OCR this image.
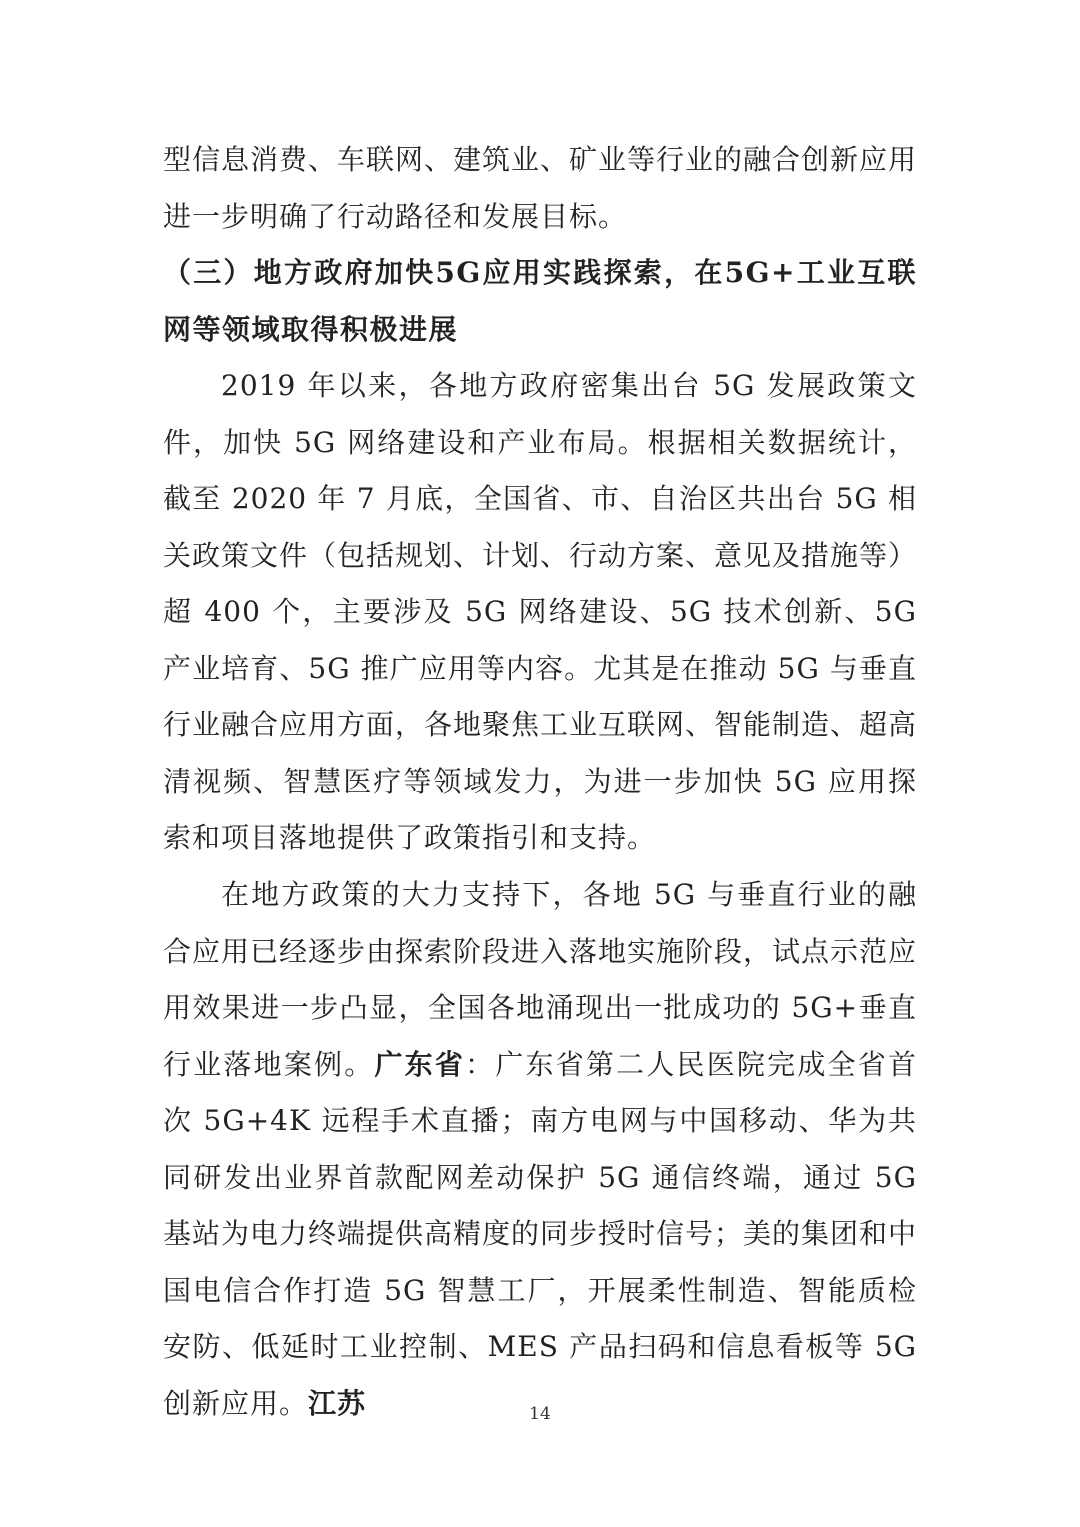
型信息消费、车联网、建筑业、矿业等行业的融合创新应用进一步明确了行动路径和发展目标。
（三）地方政府加快5G应用实践探索，在5G+工业互联网等领域取得积极进展
2019 年以来，各地方政府密集出台 5G 发展政策文件，加快 5G 网络建设和产业布局。根据相关数据统计，截至 2020 年 7 月底，全国省、市、自治区共出台 5G 相关政策文件（包括规划、计划、行动方案、意见及措施等）超 400 个，主要涉及 5G 网络建设、5G 技术创新、5G 产业培育、5G 推广应用等内容。尤其是在推动 5G 与垂直行业融合应用方面，各地聚焦工业互联网、智能制造、超高清视频、智慧医疗等领域发力，为进一步加快 5G 应用探索和项目落地提供了政策指引和支持。
在地方政策的大力支持下，各地 5G 与垂直行业的融合应用已经逐步由探索阶段进入落地实施阶段，试点示范应用效果进一步凸显，全国各地涌现出一批成功的 5G+垂直行业落地案例。广东省：广东省第二人民医院完成全省首次 5G+4K 远程手术直播；南方电网与中国移动、华为共同研发出业界首款配网差动保护 5G 通信终端，通过 5G 基站为电力终端提供高精度的同步授时信号；美的集团和中国电信合作打造 5G 智慧工厂，开展柔性制造、智能质检安防、低延时工业控制、MES 产品扫码和信息看板等 5G 创新应用。江苏	14
